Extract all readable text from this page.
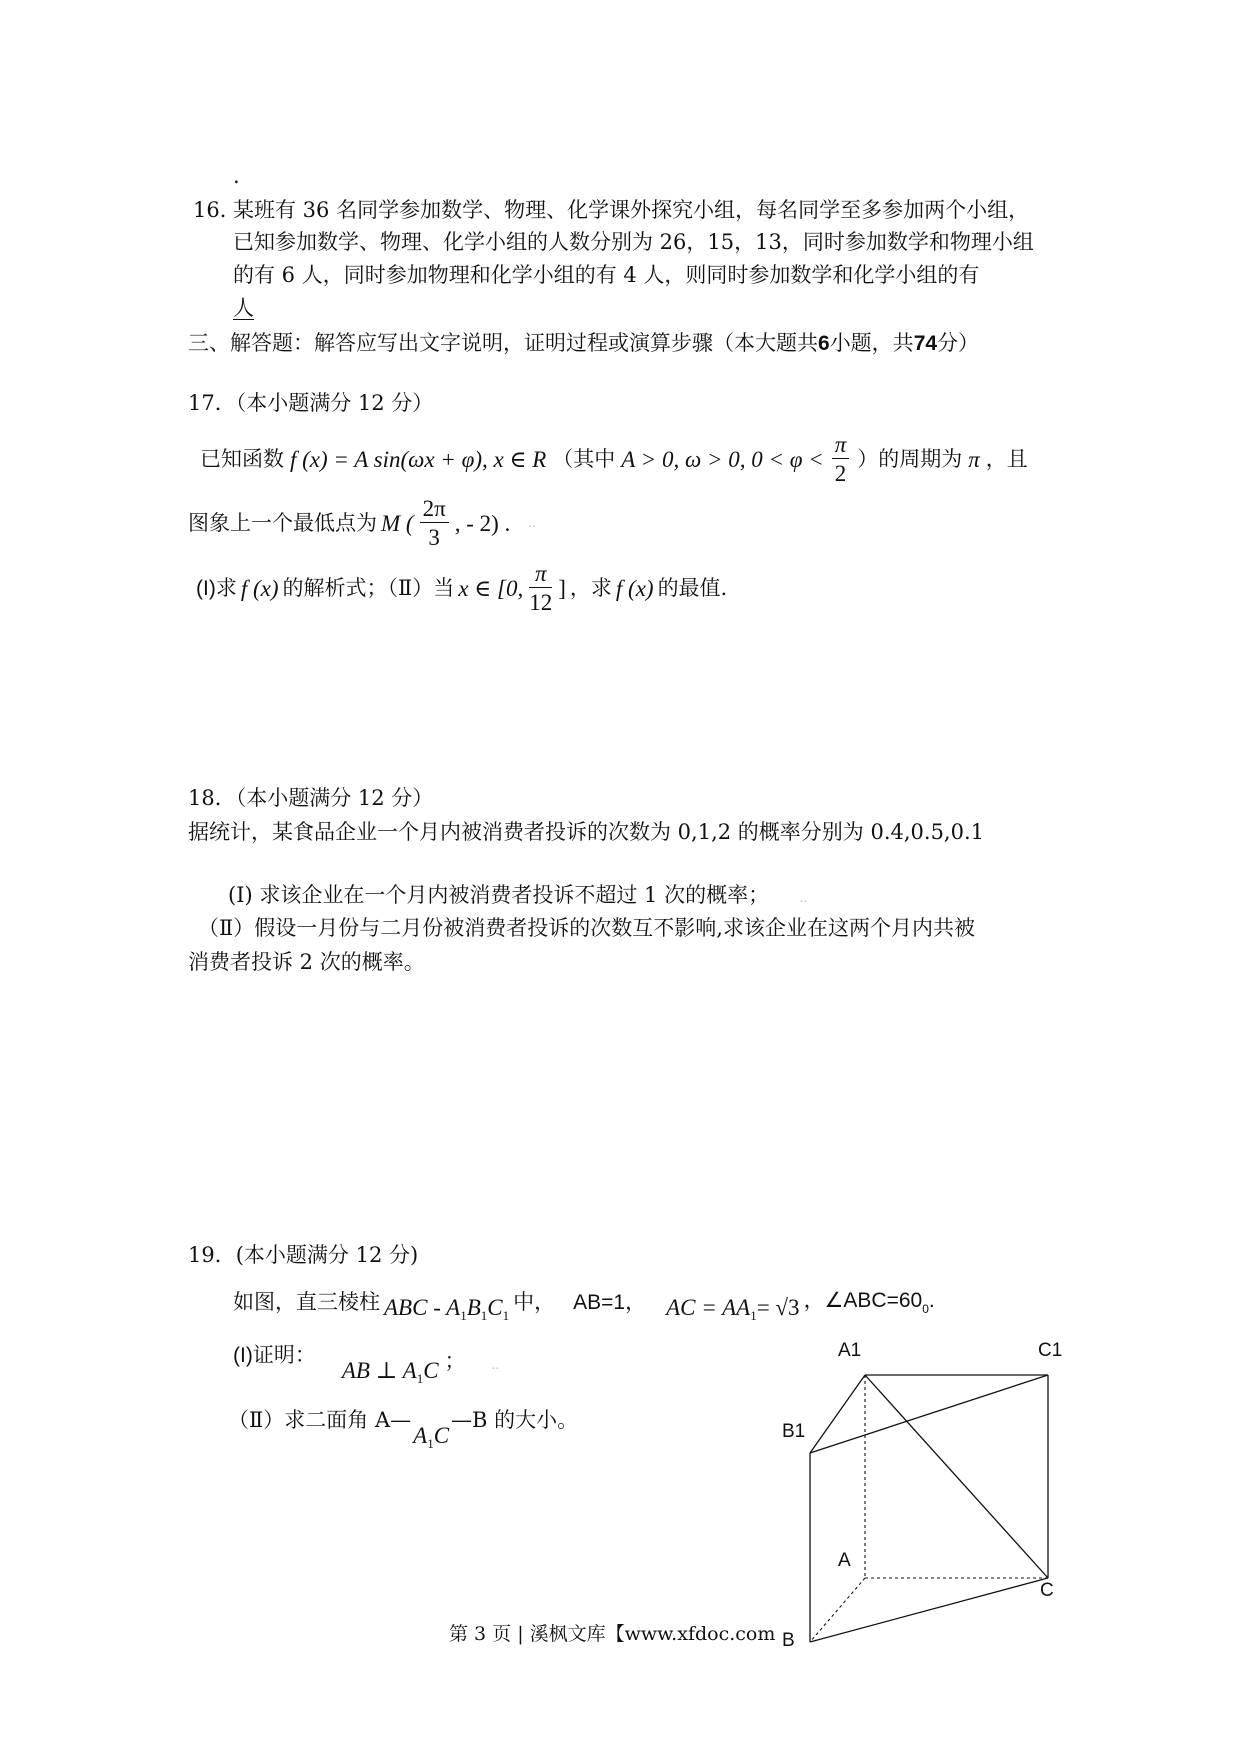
.
16．
某班有 36 名同学参加数学、物理、化学课外探究小组，每名同学至多参加两个小组，
已知参加数学、物理、化学小组的人数分别为 26，15，13，同时参加数学和物理小组
的有 6 人，同时参加物理和化学小组的有 4 人，则同时参加数学和化学小组的有
人
三、解答题：解答应写出文字说明，证明过程或演算步骤（本大题共6小题，共74分）
17．（本小题满分 12 分）
已知函数 f (x) = A sin(ωx + φ), x ∈ R （其中 A > 0, ω > 0, $0 < \varphi < \frac{\pi}{2}$ ）的周期为 π ，且
图象上一个最低点为 M ( $\frac{2\pi}{3}$ , - 2) . ..
(I)求 f (x) 的解析式；（Ⅱ）当 x ∈ [0, $\frac{\pi}{12}$ ] ，求 f (x) 的最值.
18．（本小题满分 12 分）
据统计，某食品企业一个月内被消费者投诉的次数为 0,1,2 的概率分别为 0.4,0.5,0.1
(I) 求该企业在一个月内被消费者投诉不超过 1 次的概率；	..
（Ⅱ）假设一月份与二月份被消费者投诉的次数互不影响,求该企业在这两个月内共被
消费者投诉 2 次的概率。
19．(本小题满分 12 分)
如图，直三棱柱 ABC - $A_1B_1C_1$
中， AB=1， AC = $AA_1= √3$ ，$\angle ABC=60_0$.
(I)证明：
AB ⊥ $A_1C$ ； ..
（Ⅱ）求二面角 A—
$A_1C$
—B 的大小。
A1	C1
B1
A
C
B
第 3 页 | 溪枫文库【www.xfdoc.com
